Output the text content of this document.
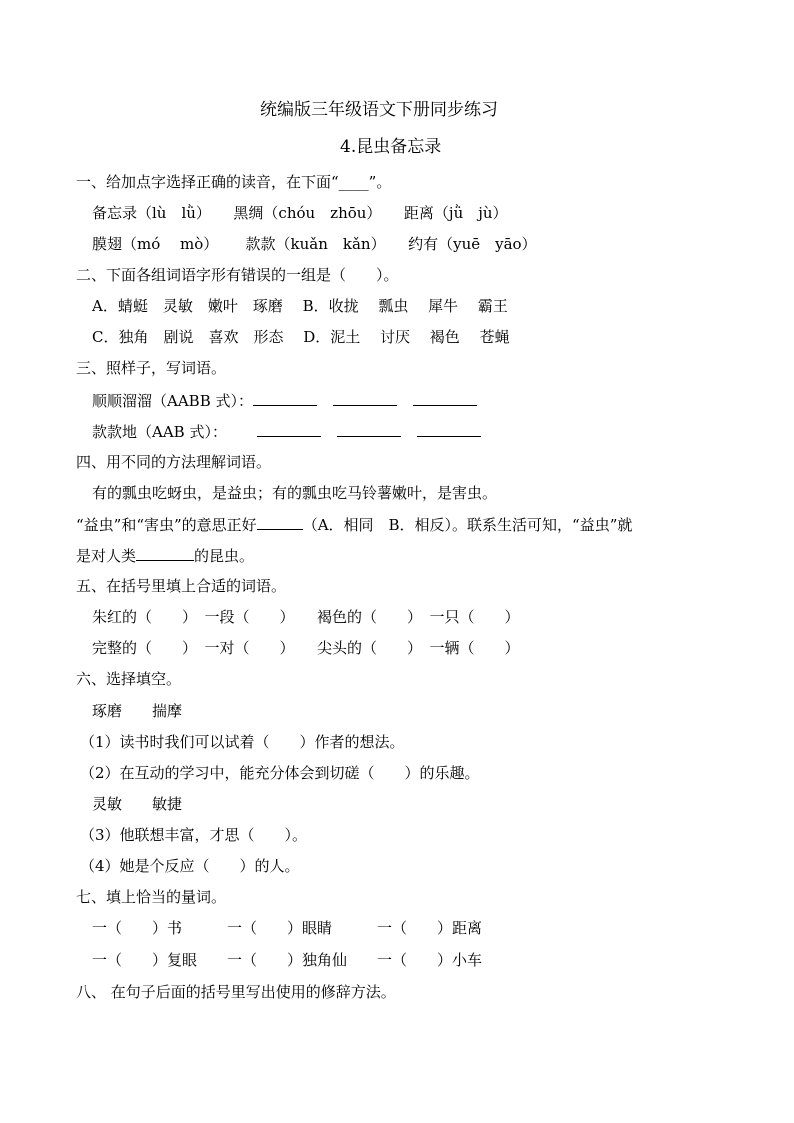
统编版三年级语文下册同步练习
4.昆虫备忘录
一、给加点字选择正确的读音，在下面“____”。
备忘录（lù　lǜ）　　黑绸（chóu　zhōu）　　距离（jǜ　jù）
膜翅（mó　 mò）　　 款款（kuǎn　kǎn）　　约有（yuē　yāo）
二、下面各组词语字形有错误的一组是（　　）。
A．蜻蜓　灵敏　嫩叶　琢磨　 B．收拢　 瓢虫　 犀牛　 霸王
C．独角　剧说　喜欢　形态　 D．泥土　 讨厌　 褐色　 苍蝇
三、照样子，写词语。
顺顺溜溜（AABB 式）：
款款地（AAB 式）：
四、用不同的方法理解词语。
有的瓢虫吃蚜虫，是益虫；有的瓢虫吃马铃薯嫩叶，是害虫。
“益虫”和“害虫”的意思正好	（A．相同　B．相反）。联系生活可知，“益虫”就
是对人类	的昆虫。
五、在括号里填上合适的词语。
朱红的（　　）　一段（　　）　　褐色的（　　）　一只（　　）
完整的（　　）　一对（　　）　　尖头的（　　）　一辆（　　）
六、选择填空。
琢磨　　揣摩
（1）读书时我们可以试着（　　）作者的想法。
（2）在互动的学习中，能充分体会到切磋（　　）的乐趣。
灵敏　　敏捷
（3）他联想丰富，才思（　　）。
（4）她是个反应（　　）的人。
七、填上恰当的量词。
一（　　）书　　　一（　　）眼睛　　　一（　　）距离
一（　　）复眼　　一（　　）独角仙　　一（　　）小车
八、 在句子后面的括号里写出使用的修辞方法。
